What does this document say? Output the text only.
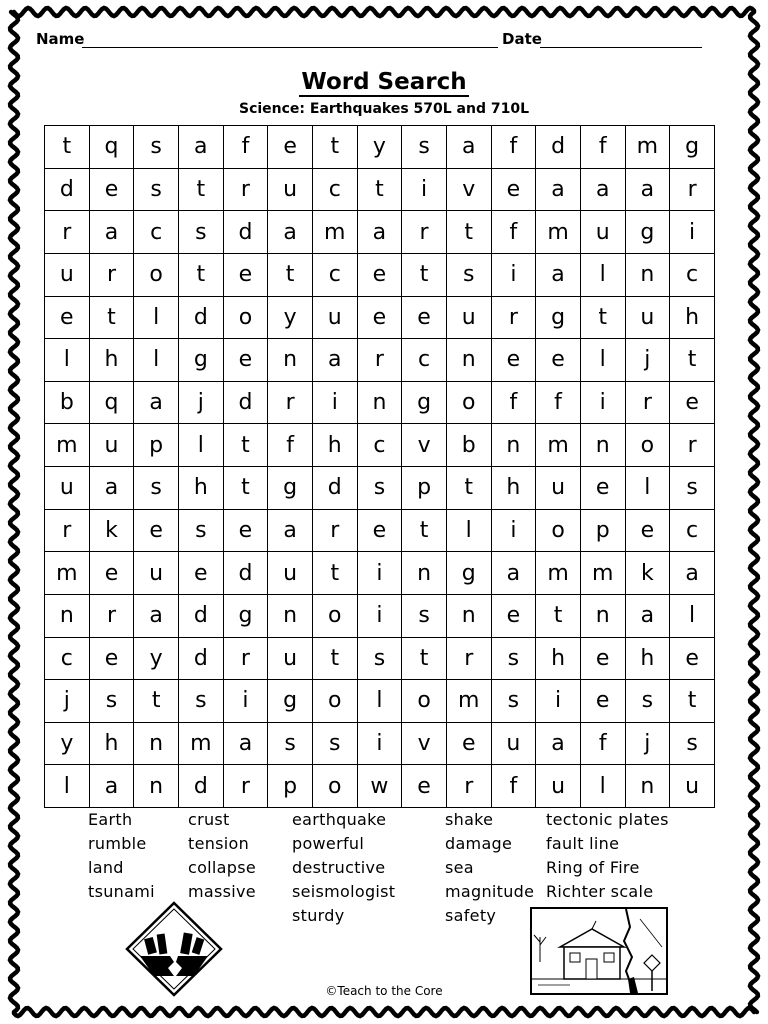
Name	Date
Word Search
Science: Earthquakes 570L and 710L
t	q	s	a	f	e	t	y	s	a	f	d	f	m	g
d	e	s	t	r	u	c	t	i	v	e	a	a	a	r
r	a	c	s	d	a	m	a	r	t	f	m	u	g	i
u	r	o	t	e	t	c	e	t	s	i	a	l	n	c
e	t	l	d	o	y	u	e	e	u	r	g	t	u	h
l	h	l	g	e	n	a	r	c	n	e	e	l	j	t
b	q	a	j	d	r	i	n	g	o	f	f	i	r	e
m	u	p	l	t	f	h	c	v	b	n	m	n	o	r
u	a	s	h	t	g	d	s	p	t	h	u	e	l	s
r	k	e	s	e	a	r	e	t	l	i	o	p	e	c
m	e	u	e	d	u	t	i	n	g	a	m	m	k	a
n	r	a	d	g	n	o	i	s	n	e	t	n	a	l
c	e	y	d	r	u	t	s	t	r	s	h	e	h	e
j	s	t	s	i	g	o	l	o	m	s	i	e	s	t
y	h	n	m	a	s	s	i	v	e	u	a	f	j	s
l	a	n	d	r	p	o	w	e	r	f	u	l	n	u
Earth
rumble
land
tsunami
crust
tension
collapse
massive
earthquake
powerful
destructive
seismologist
sturdy
shake
damage
sea
magnitude
safety
tectonic plates
fault line
Ring of Fire
Richter scale
©Teach to the Core
